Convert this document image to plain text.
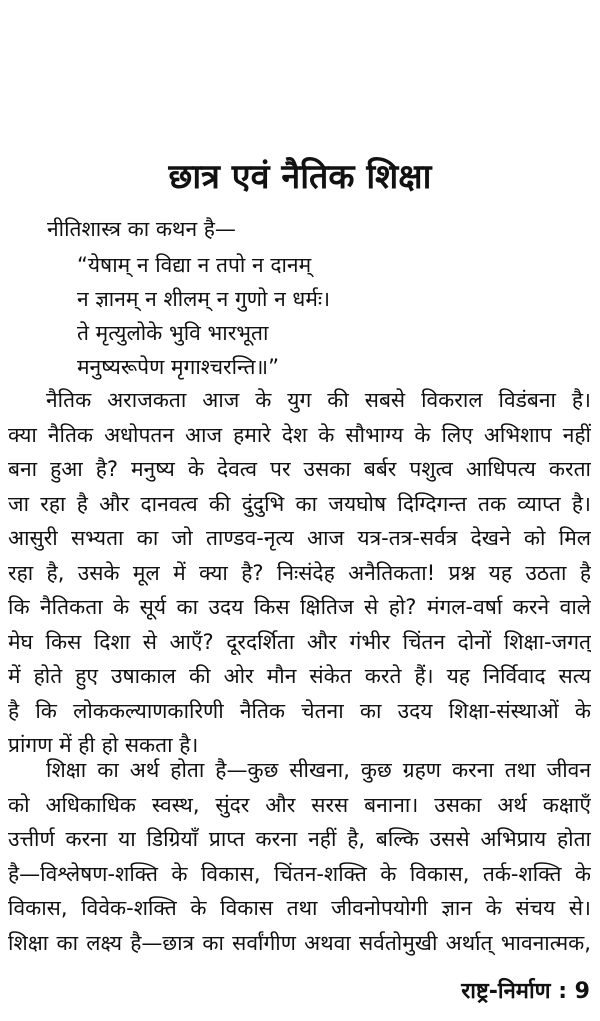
छात्र एवं नैतिक शिक्षा
नीतिशास्त्र का कथन है—
“येषाम् न विद्या न तपो न दानम्
न ज्ञानम् न शीलम् न गुणो न धर्मः।
ते मृत्युलोके भुवि भारभूता
मनुष्यरूपेण मृगाश्चरन्ति॥”
नैतिक अराजकता आज के युग की सबसे विकराल विडंबना है।
क्या नैतिक अधोपतन आज हमारे देश के सौभाग्य के लिए अभिशाप नहीं
बना हुआ है? मनुष्य के देवत्व पर उसका बर्बर पशुत्व आधिपत्य करता
जा रहा है और दानवत्व की दुंदुभि का जयघोष दिग्दिगन्त तक व्याप्त है।
आसुरी सभ्यता का जो ताण्डव-नृत्य आज यत्र-तत्र-सर्वत्र देखने को मिल
रहा है, उसके मूल में क्या है? निःसंदेह अनैतिकता! प्रश्न यह उठता है
कि नैतिकता के सूर्य का उदय किस क्षितिज से हो? मंगल-वर्षा करने वाले
मेघ किस दिशा से आएँ? दूरदर्शिता और गंभीर चिंतन दोनों शिक्षा-जगत्
में होते हुए उषाकाल की ओर मौन संकेत करते हैं। यह निर्विवाद सत्य
है कि लोककल्याणकारिणी नैतिक चेतना का उदय शिक्षा-संस्थाओं के
प्रांगण में ही हो सकता है।
शिक्षा का अर्थ होता है—कुछ सीखना, कुछ ग्रहण करना तथा जीवन
को अधिकाधिक स्वस्थ, सुंदर और सरस बनाना। उसका अर्थ कक्षाएँ
उत्तीर्ण करना या डिग्रियाँ प्राप्त करना नहीं है, बल्कि उससे अभिप्राय होता
है—विश्लेषण-शक्ति के विकास, चिंतन-शक्ति के विकास, तर्क-शक्ति के
विकास, विवेक-शक्ति के विकास तथा जीवनोपयोगी ज्ञान के संचय से।
शिक्षा का लक्ष्य है—छात्र का सर्वांगीण अथवा सर्वतोमुखी अर्थात् भावनात्मक,
राष्ट्र-निर्माण : 9
